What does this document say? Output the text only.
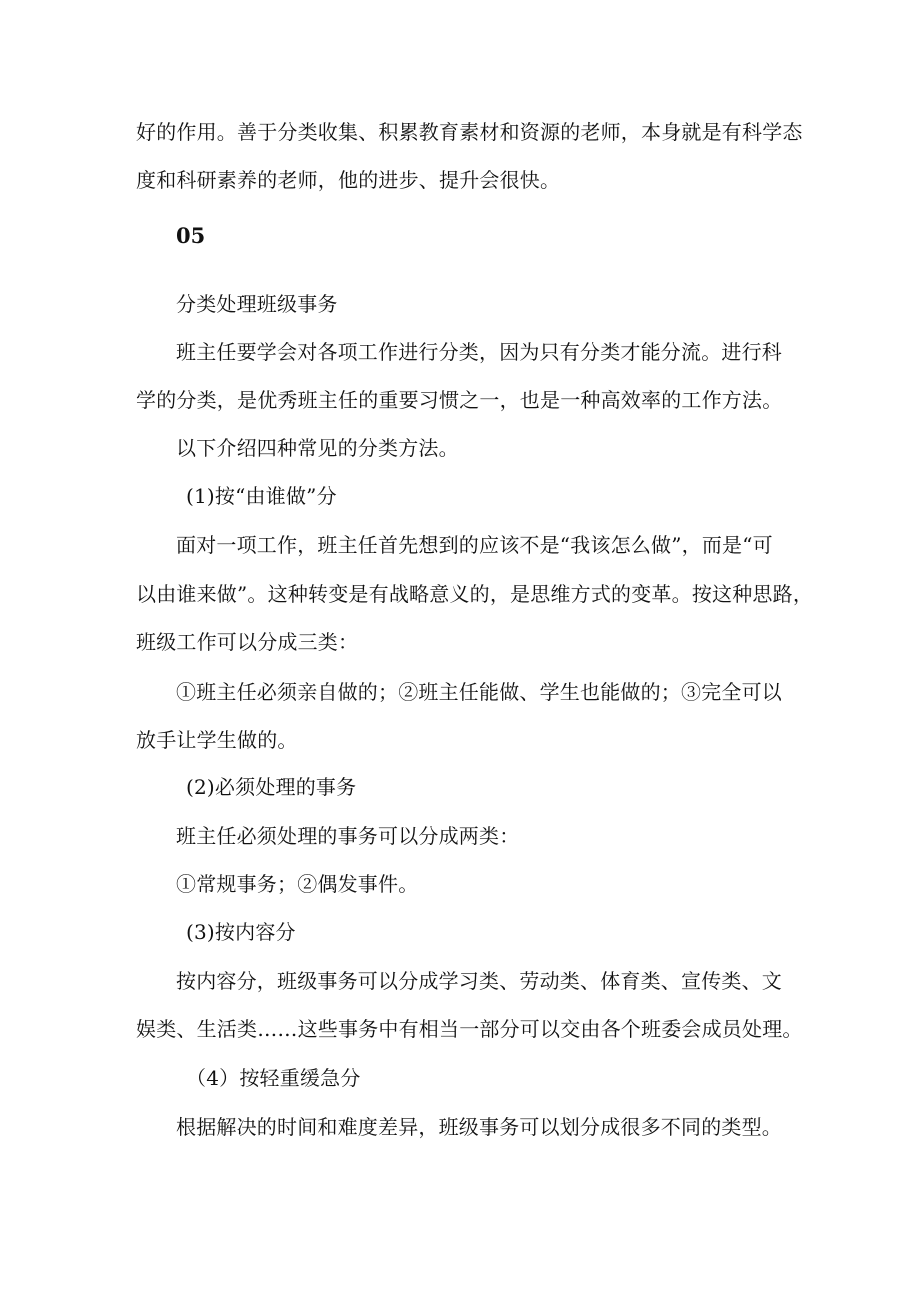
好的作用。善于分类收集、积累教育素材和资源的老师，本身就是有科学态
度和科研素养的老师，他的进步、提升会很快。
05
分类处理班级事务
班主任要学会对各项工作进行分类，因为只有分类才能分流。进行科
学的分类，是优秀班主任的重要习惯之一，也是一种高效率的工作方法。
以下介绍四种常见的分类方法。
(1)按“由谁做”分
面对一项工作，班主任首先想到的应该不是“我该怎么做”，而是“可
以由谁来做”。这种转变是有战略意义的，是思维方式的变革。按这种思路，
班级工作可以分成三类：
①班主任必须亲自做的；②班主任能做、学生也能做的；③完全可以
放手让学生做的。
(2)必须处理的事务
班主任必须处理的事务可以分成两类：
①常规事务；②偶发事件。
(3)按内容分
按内容分，班级事务可以分成学习类、劳动类、体育类、宣传类、文
娱类、生活类……这些事务中有相当一部分可以交由各个班委会成员处理。
（4）按轻重缓急分
根据解决的时间和难度差异，班级事务可以划分成很多不同的类型。
